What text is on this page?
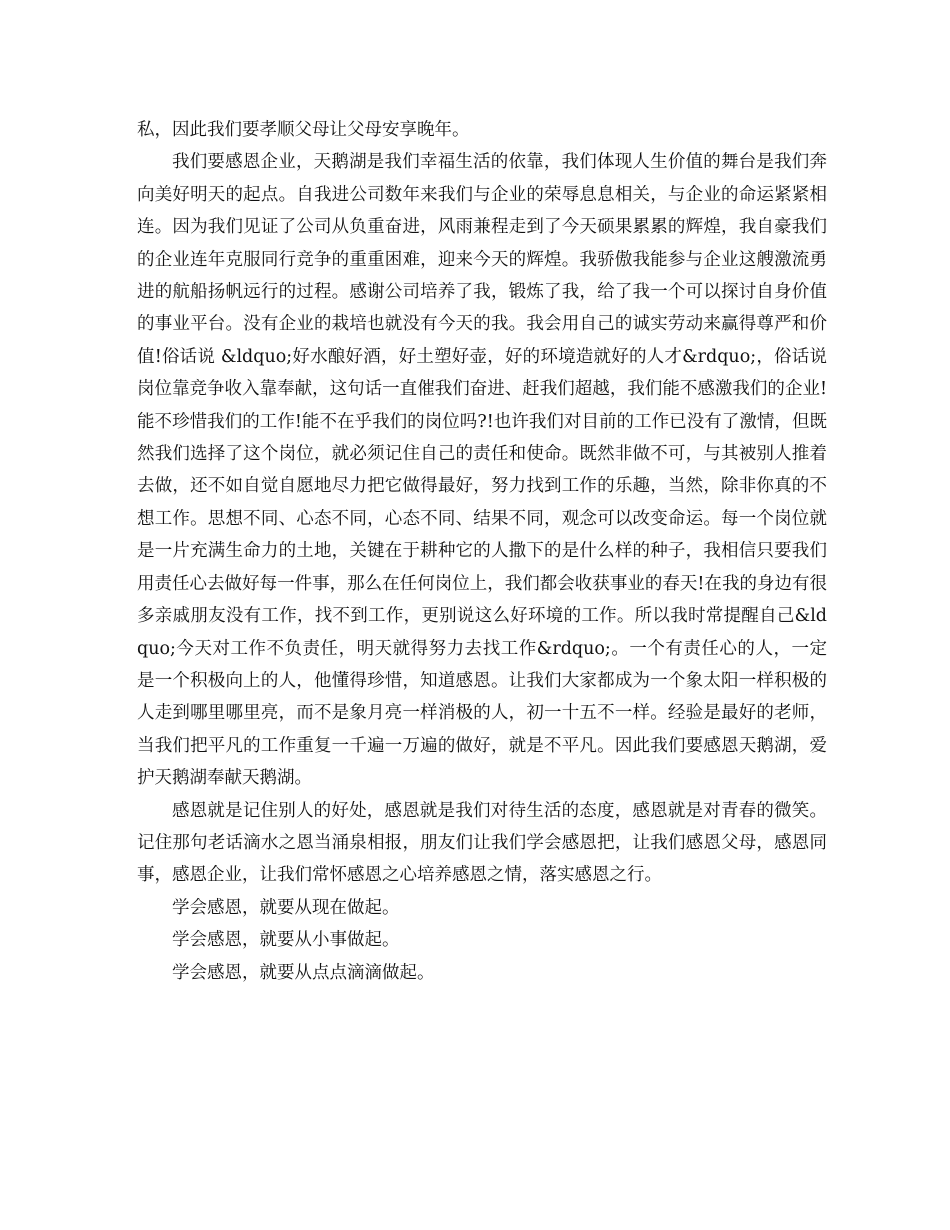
私，因此我们要孝顺父母让父母安享晚年。

我们要感恩企业，天鹅湖是我们幸福生活的依靠，我们体现人生价值的舞台是我们奔向美好明天的起点。自我进公司数年来我们与企业的荣辱息息相关，与企业的命运紧紧相连。因为我们见证了公司从负重奋进，风雨兼程走到了今天硕果累累的辉煌，我自豪我们的企业连年克服同行竞争的重重困难，迎来今天的辉煌。我骄傲我能参与企业这艘激流勇进的航船扬帆远行的过程。感谢公司培养了我，锻炼了我，给了我一个可以探讨自身价值的事业平台。没有企业的栽培也就没有今天的我。我会用自己的诚实劳动来赢得尊严和价值!俗话说 &ldquo;好水酿好酒，好土塑好壶，好的环境造就好的人才&rdquo;，俗话说岗位靠竞争收入靠奉献，这句话一直催我们奋进、赶我们超越，我们能不感激我们的企业!能不珍惜我们的工作!能不在乎我们的岗位吗?!也许我们对目前的工作已没有了激情，但既然我们选择了这个岗位，就必须记住自己的责任和使命。既然非做不可，与其被别人推着去做，还不如自觉自愿地尽力把它做得最好，努力找到工作的乐趣，当然，除非你真的不想工作。思想不同、心态不同，心态不同、结果不同，观念可以改变命运。每一个岗位就是一片充满生命力的土地，关键在于耕种它的人撒下的是什么样的种子，我相信只要我们用责任心去做好每一件事，那么在任何岗位上，我们都会收获事业的春天!在我的身边有很多亲戚朋友没有工作，找不到工作，更别说这么好环境的工作。所以我时常提醒自己&ldquo;今天对工作不负责任，明天就得努力去找工作&rdquo;。一个有责任心的人，一定是一个积极向上的人，他懂得珍惜，知道感恩。让我们大家都成为一个象太阳一样积极的人走到哪里哪里亮，而不是象月亮一样消极的人，初一十五不一样。经验是最好的老师，当我们把平凡的工作重复一千遍一万遍的做好，就是不平凡。因此我们要感恩天鹅湖，爱护天鹅湖奉献天鹅湖。

感恩就是记住别人的好处，感恩就是我们对待生活的态度，感恩就是对青春的微笑。记住那句老话滴水之恩当涌泉相报，朋友们让我们学会感恩把，让我们感恩父母，感恩同事，感恩企业，让我们常怀感恩之心培养感恩之情，落实感恩之行。

学会感恩，就要从现在做起。

学会感恩，就要从小事做起。

学会感恩，就要从点点滴滴做起。
